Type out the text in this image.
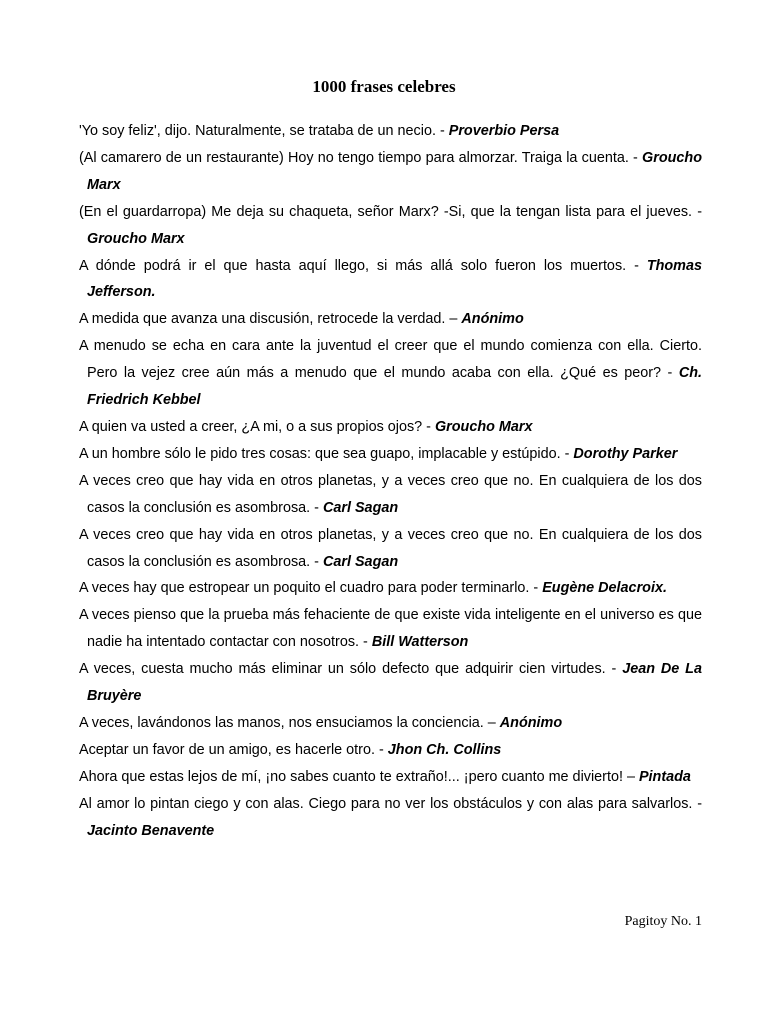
1000 frases celebres
'Yo soy feliz', dijo. Naturalmente, se trataba de un necio. - Proverbio Persa
(Al camarero de un restaurante) Hoy no tengo tiempo para almorzar. Traiga la cuenta. - Groucho Marx
(En el guardarropa) Me deja su chaqueta, señor Marx? -Si, que la tengan lista para el jueves. - Groucho Marx
A dónde podrá ir el que hasta aquí llego, si más allá solo fueron los muertos. - Thomas Jefferson.
A medida que avanza una discusión, retrocede la verdad. – Anónimo
A menudo se echa en cara ante la juventud el creer que el mundo comienza con ella. Cierto. Pero la vejez cree aún más a menudo que el mundo acaba con ella. ¿Qué es peor? - Ch. Friedrich Kebbel
A quien va usted a creer, ¿A mi, o a sus propios ojos? - Groucho Marx
A un hombre sólo le pido tres cosas: que sea guapo, implacable y estúpido. - Dorothy Parker
A veces creo que hay vida en otros planetas, y a veces creo que no. En cualquiera de los dos casos la conclusión es asombrosa. - Carl Sagan
A veces creo que hay vida en otros planetas, y a veces creo que no. En cualquiera de los dos casos la conclusión es asombrosa. - Carl Sagan
A veces hay que estropear un poquito el cuadro para poder terminarlo. - Eugène Delacroix.
A veces pienso que la prueba más fehaciente de que existe vida inteligente en el universo es que nadie ha intentado contactar con nosotros. - Bill Watterson
A veces, cuesta mucho más eliminar un sólo defecto que adquirir cien virtudes. - Jean De La Bruyère
A veces, lavándonos las manos, nos ensuciamos la conciencia. – Anónimo
Aceptar un favor de un amigo, es hacerle otro. - Jhon Ch. Collins
Ahora que estas lejos de mí, ¡no sabes cuanto te extraño!... ¡pero cuanto me divierto! – Pintada
Al amor lo pintan ciego y con alas. Ciego para no ver los obstáculos y con alas para salvarlos. - Jacinto Benavente
Pagitoy No. 1
